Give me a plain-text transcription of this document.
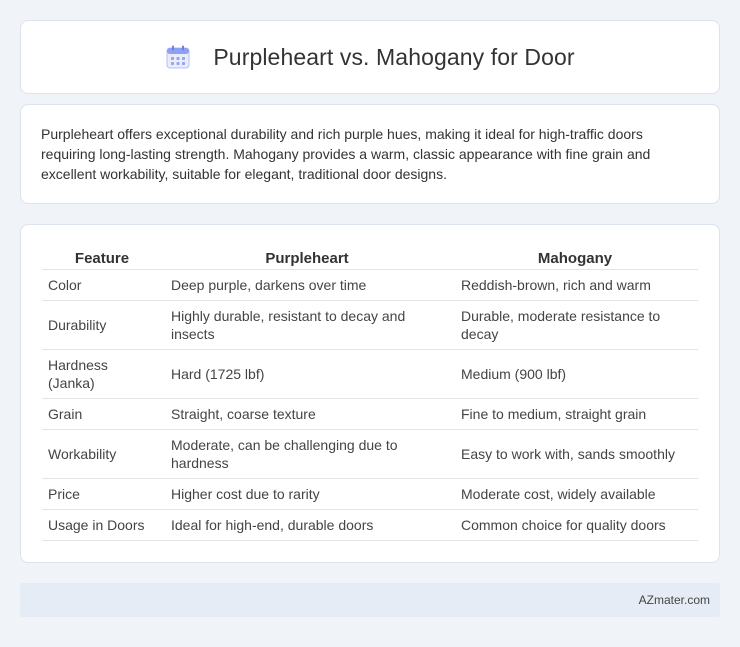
Purpleheart vs. Mahogany for Door

Purpleheart offers exceptional durability and rich purple hues, making it ideal for high-traffic doors requiring long-lasting strength. Mahogany provides a warm, classic appearance with fine grain and excellent workability, suitable for elegant, traditional door designs.

Feature	Purpleheart	Mahogany
Color	Deep purple, darkens over time	Reddish-brown, rich and warm
Durability	Highly durable, resistant to decay and insects	Durable, moderate resistance to decay
Hardness (Janka)	Hard (1725 lbf)	Medium (900 lbf)
Grain	Straight, coarse texture	Fine to medium, straight grain
Workability	Moderate, can be challenging due to hardness	Easy to work with, sands smoothly
Price	Higher cost due to rarity	Moderate cost, widely available
Usage in Doors	Ideal for high-end, durable doors	Common choice for quality doors
AZmater.com
